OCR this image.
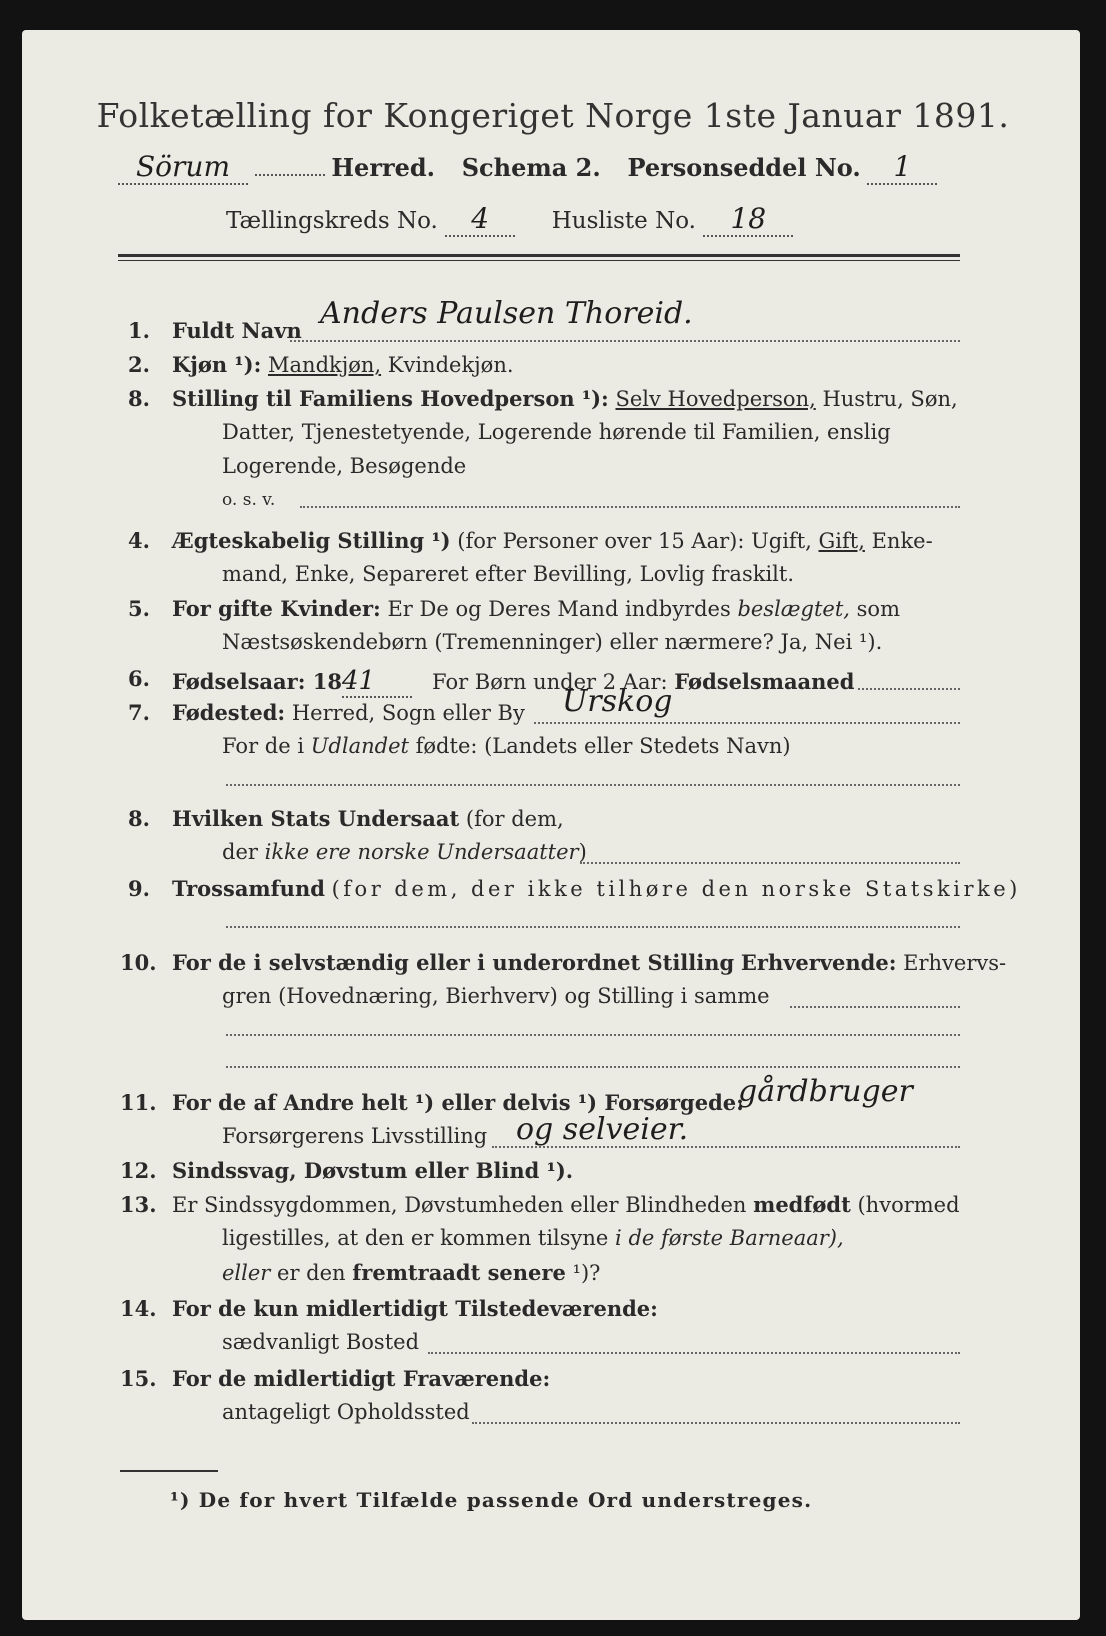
Folketælling for Kongeriget Norge 1ste Januar 1891.
Sörum	Herred. Schema 2. Personseddel No. 1
Tællingskreds No. 4	Husliste No. 18
1. Fuldt Navn Anders Paulsen Thoreid.
2. Kjøn ¹): Mandkjøn, Kvindekjøn.
8. Stilling til Familiens Hovedperson ¹): Selv Hovedperson, Hustru, Søn,
Datter, Tjenestetyende, Logerende hørende til Familien, enslig
Logerende, Besøgende
o. s. v.
4. Ægteskabelig Stilling ¹) (for Personer over 15 Aar): Ugift, Gift, Enke-
mand, Enke, Separeret efter Bevilling, Lovlig fraskilt.
5. For gifte Kvinder: Er De og Deres Mand indbyrdes beslægtet, som
Næstsøskendebørn (Tremenninger) eller nærmere? Ja, Nei ¹).
6. Fødselsaar: 1841	For Børn under 2 Aar: Fødselsmaaned
7. Fødested: Herred, Sogn eller By Urskog
For de i Udlandet fødte: (Landets eller Stedets Navn)
8. Hvilken Stats Undersaat (for dem,
der ikke ere norske Undersaatter)
9. Trossamfund (for dem, der ikke tilhøre den norske Statskirke)
10. For de i selvstændig eller i underordnet Stilling Erhvervende: Erhvervs-
gren (Hovednæring, Bierhverv) og Stilling i samme
11. For de af Andre helt ¹) eller delvis ¹) Forsørgede:
gårdbruger
Forsørgerens Livsstilling og selveier.
12. Sindssvag, Døvstum eller Blind ¹).
13. Er Sindssygdommen, Døvstumheden eller Blindheden medfødt (hvormed
ligestilles, at den er kommen tilsyne i de første Barneaar),
eller er den fremtraadt senere ¹)?
14. For de kun midlertidigt Tilstedeværende:
sædvanligt Bosted
15. For de midlertidigt Fraværende:
antageligt Opholdssted
¹) De for hvert Tilfælde passende Ord understreges.
